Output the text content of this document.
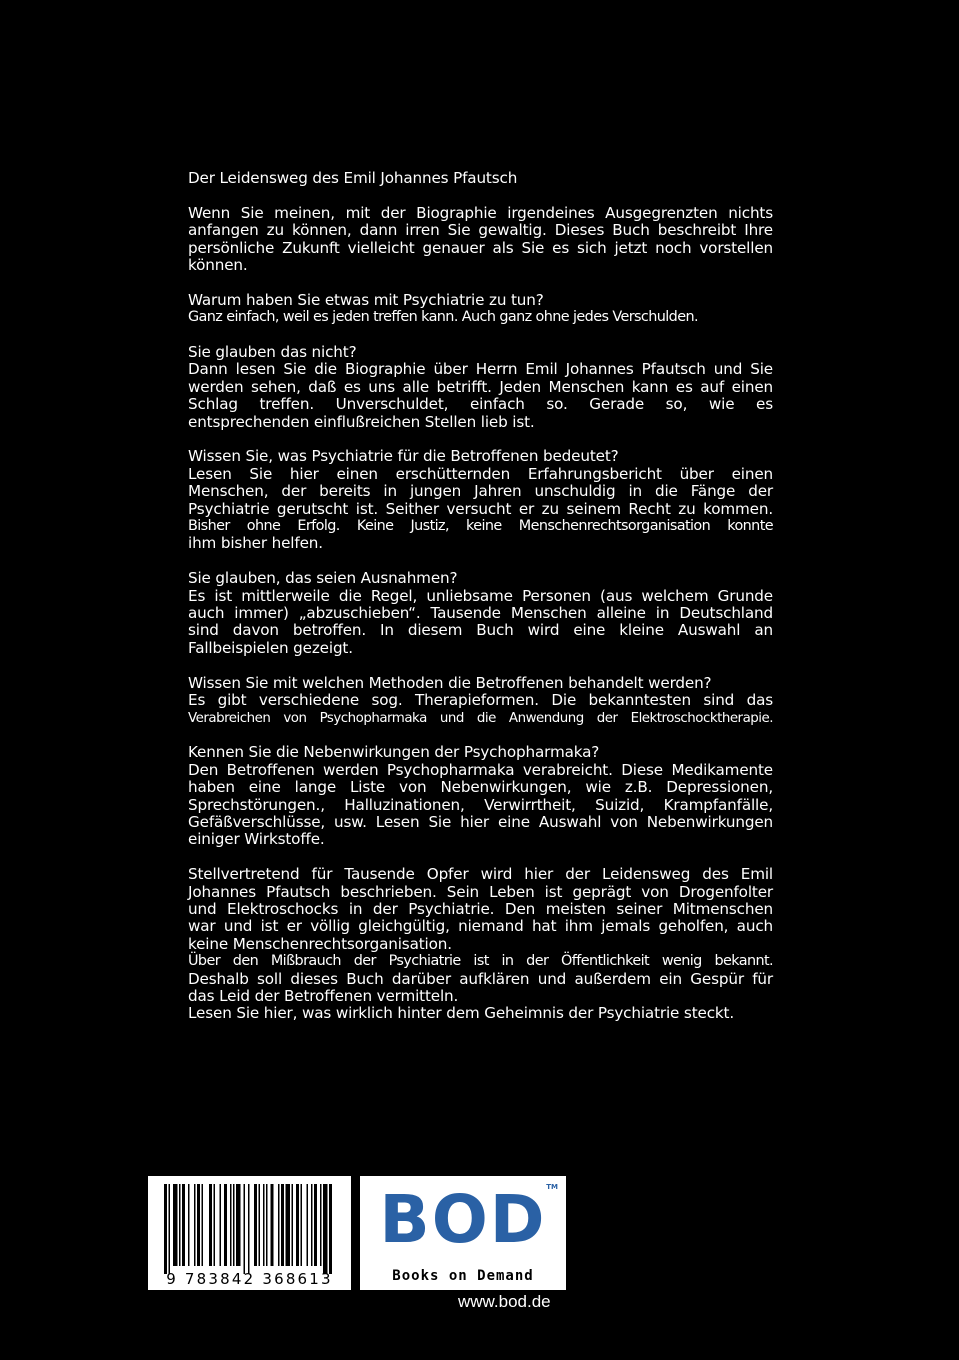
Der Leidensweg des Emil Johannes Pfautsch
Wenn Sie meinen, mit der Biographie irgendeines Ausgegrenzten nichts
anfangen zu können, dann irren Sie gewaltig. Dieses Buch beschreibt Ihre
persönliche Zukunft vielleicht genauer als Sie es sich jetzt noch vorstellen
können.
Warum haben Sie etwas mit Psychiatrie zu tun?
Ganz einfach, weil es jeden treffen kann. Auch ganz ohne jedes Verschulden.
Sie glauben das nicht?
Dann lesen Sie die Biographie über Herrn Emil Johannes Pfautsch und Sie
werden sehen, daß es uns alle betrifft. Jeden Menschen kann es auf einen
Schlag treffen. Unverschuldet, einfach so. Gerade so, wie es
entsprechenden einflußreichen Stellen lieb ist.
Wissen Sie, was Psychiatrie für die Betroffenen bedeutet?
Lesen Sie hier einen erschütternden Erfahrungsbericht über einen
Menschen, der bereits in jungen Jahren unschuldig in die Fänge der
Psychiatrie gerutscht ist. Seither versucht er zu seinem Recht zu kommen.
Bisher ohne Erfolg. Keine Justiz, keine Menschenrechtsorganisation konnte
ihm bisher helfen.
Sie glauben, das seien Ausnahmen?
Es ist mittlerweile die Regel, unliebsame Personen (aus welchem Grunde
auch immer) „abzuschieben“. Tausende Menschen alleine in Deutschland
sind davon betroffen. In diesem Buch wird eine kleine Auswahl an
Fallbeispielen gezeigt.
Wissen Sie mit welchen Methoden die Betroffenen behandelt werden?
Es gibt verschiedene sog. Therapieformen. Die bekanntesten sind das
Verabreichen von Psychopharmaka und die Anwendung der Elektroschocktherapie.
Kennen Sie die Nebenwirkungen der Psychopharmaka?
Den Betroffenen werden Psychopharmaka verabreicht. Diese Medikamente
haben eine lange Liste von Nebenwirkungen, wie z.B. Depressionen,
Sprechstörungen., Halluzinationen, Verwirrtheit, Suizid, Krampfanfälle,
Gefäßverschlüsse, usw. Lesen Sie hier eine Auswahl von Nebenwirkungen
einiger Wirkstoffe.
Stellvertretend für Tausende Opfer wird hier der Leidensweg des Emil
Johannes Pfautsch beschrieben. Sein Leben ist geprägt von Drogenfolter
und Elektroschocks in der Psychiatrie. Den meisten seiner Mitmenschen
war und ist er völlig gleichgültig, niemand hat ihm jemals geholfen, auch
keine Menschenrechtsorganisation.
Über den Mißbrauch der Psychiatrie ist in der Öffentlichkeit wenig bekannt.
Deshalb soll dieses Buch darüber aufklären und außerdem ein Gespür für
das Leid der Betroffenen vermitteln.
Lesen Sie hier, was wirklich hinter dem Geheimnis der Psychiatrie steckt.
9 783842 368613
BOD TM
Books on Demand
www.bod.de
